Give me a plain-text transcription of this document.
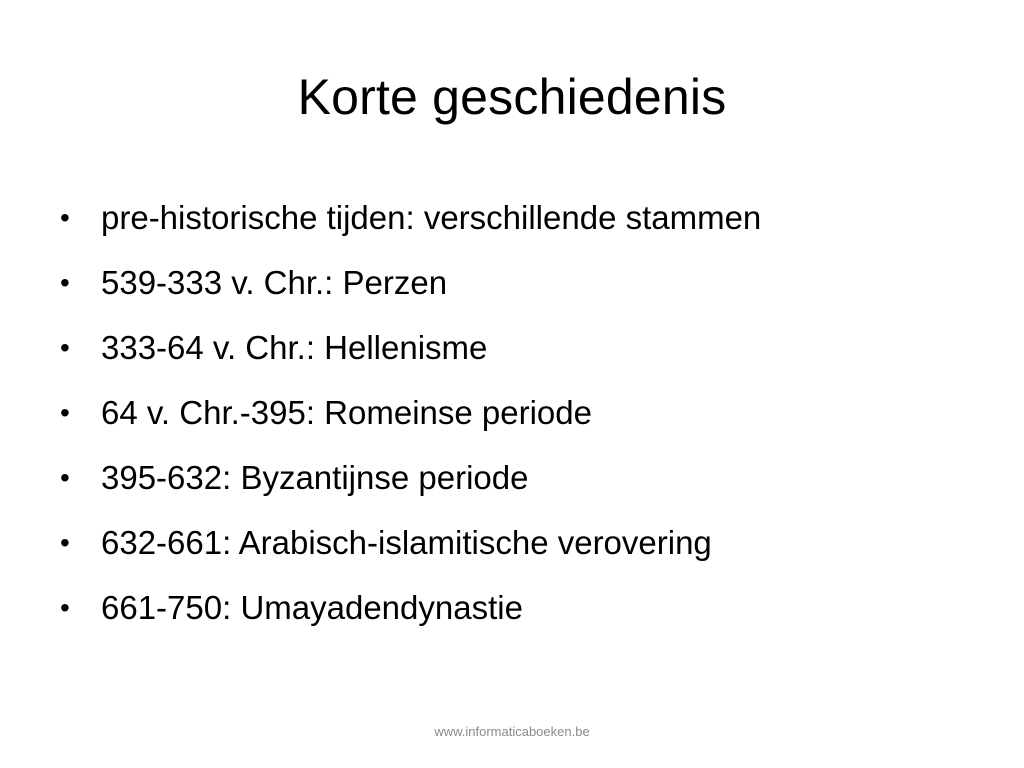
Korte geschiedenis
• pre-historische tijden: verschillende stammen
• 539-333 v. Chr.: Perzen
• 333-64 v. Chr.: Hellenisme
• 64 v. Chr.-395: Romeinse periode
• 395-632: Byzantijnse periode
• 632-661: Arabisch-islamitische verovering
• 661-750: Umayadendynastie
www.informaticaboeken.be
